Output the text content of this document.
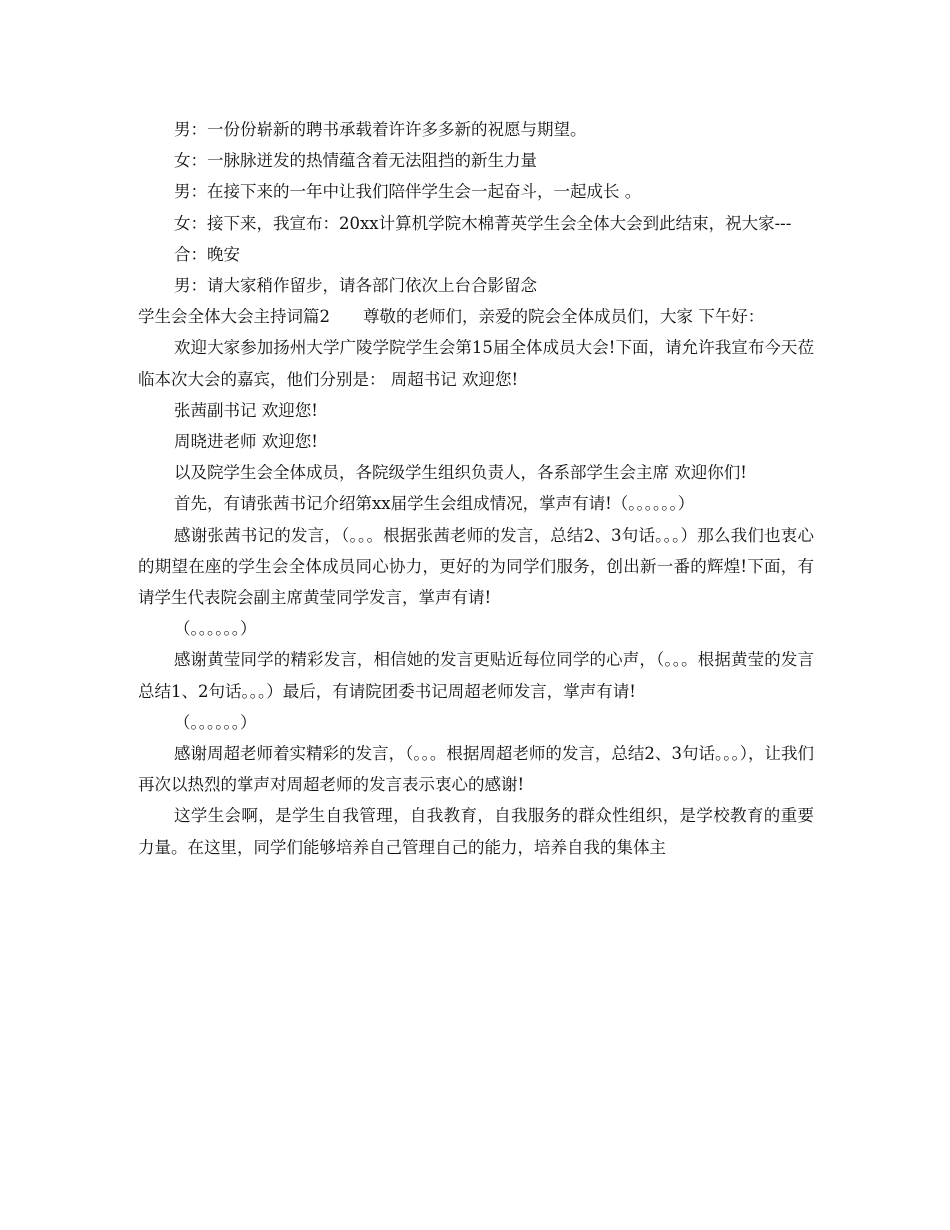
男：一份份崭新的聘书承载着许许多多新的祝愿与期望。

女：一脉脉迸发的热情蕴含着无法阻挡的新生力量

男：在接下来的一年中让我们陪伴学生会一起奋斗，一起成长 。

女：接下来，我宣布：20xx计算机学院木棉菁英学生会全体大会到此结束，祝大家---

合：晚安

男：请大家稍作留步，请各部门依次上台合影留念

学生会全体大会主持词篇2　　尊敬的老师们，亲爱的院会全体成员们，大家 下午好：

欢迎大家参加扬州大学广陵学院学生会第15届全体成员大会!下面，请允许我宣布今天莅临本次大会的嘉宾，他们分别是： 周超书记 欢迎您!

张茜副书记 欢迎您!

周晓进老师 欢迎您!

以及院学生会全体成员，各院级学生组织负责人，各系部学生会主席 欢迎你们!

首先，有请张茜书记介绍第xx届学生会组成情况，掌声有请!（。。。。。。）

感谢张茜书记的发言，（。。。根据张茜老师的发言，总结2、3句话。。。）那么我们也衷心的期望在座的学生会全体成员同心协力，更好的为同学们服务，创出新一番的辉煌!下面，有请学生代表院会副主席黄莹同学发言，掌声有请!

（。。。。。。）

感谢黄莹同学的精彩发言，相信她的发言更贴近每位同学的心声，（。。。根据黄莹的发言总结1、2句话。。。）最后，有请院团委书记周超老师发言，掌声有请!

（。。。。。。）

感谢周超老师着实精彩的发言，（。。。根据周超老师的发言，总结2、3句话。。。），让我们再次以热烈的掌声对周超老师的发言表示衷心的感谢!

这学生会啊，是学生自我管理，自我教育，自我服务的群众性组织，是学校教育的重要力量。在这里，同学们能够培养自己管理自己的能力，培养自我的集体主
